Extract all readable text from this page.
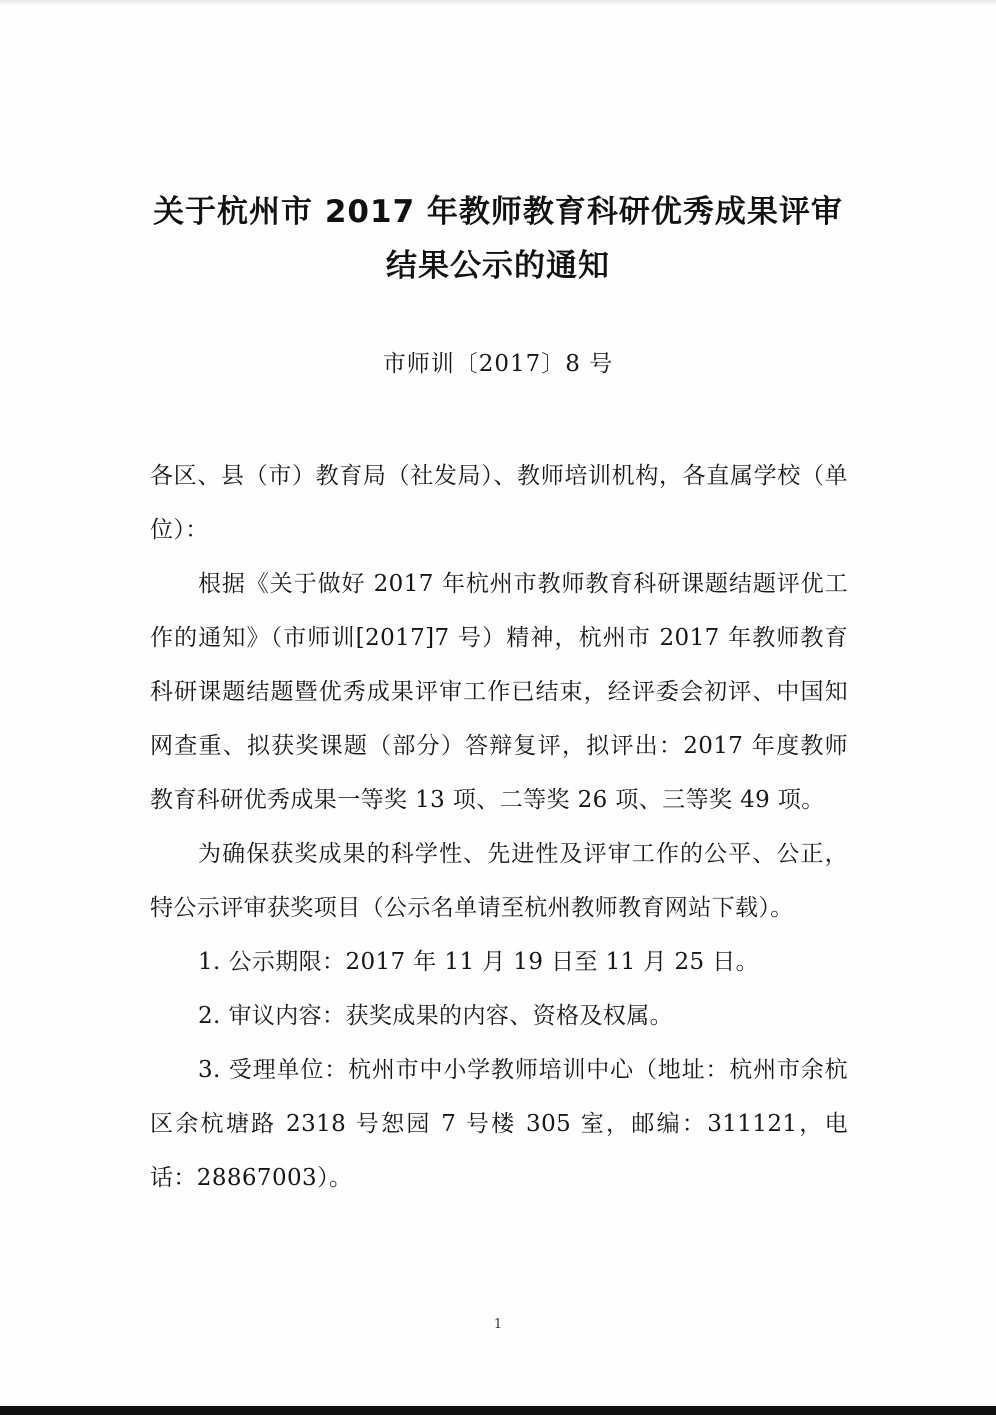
关于杭州市 2017 年教师教育科研优秀成果评审
结果公示的通知
市师训〔2017〕8 号

各区、县（市）教育局（社发局）、教师培训机构，各直属学校（单位）：

根据《关于做好 2017 年杭州市教师教育科研课题结题评优工作的通知》（市师训[2017]7 号）精神，杭州市 2017 年教师教育科研课题结题暨优秀成果评审工作已结束，经评委会初评、中国知网查重、拟获奖课题（部分）答辩复评，拟评出：2017 年度教师教育科研优秀成果一等奖 13 项、二等奖 26 项、三等奖 49 项。

为确保获奖成果的科学性、先进性及评审工作的公平、公正，特公示评审获奖项目（公示名单请至杭州教师教育网站下载）。

1. 公示期限：2017 年 11 月 19 日至 11 月 25 日。

2. 审议内容：获奖成果的内容、资格及权属。

3. 受理单位：杭州市中小学教师培训中心（地址：杭州市余杭区余杭塘路 2318 号恕园 7 号楼 305 室，邮编：311121，电话：28867003）。

1
